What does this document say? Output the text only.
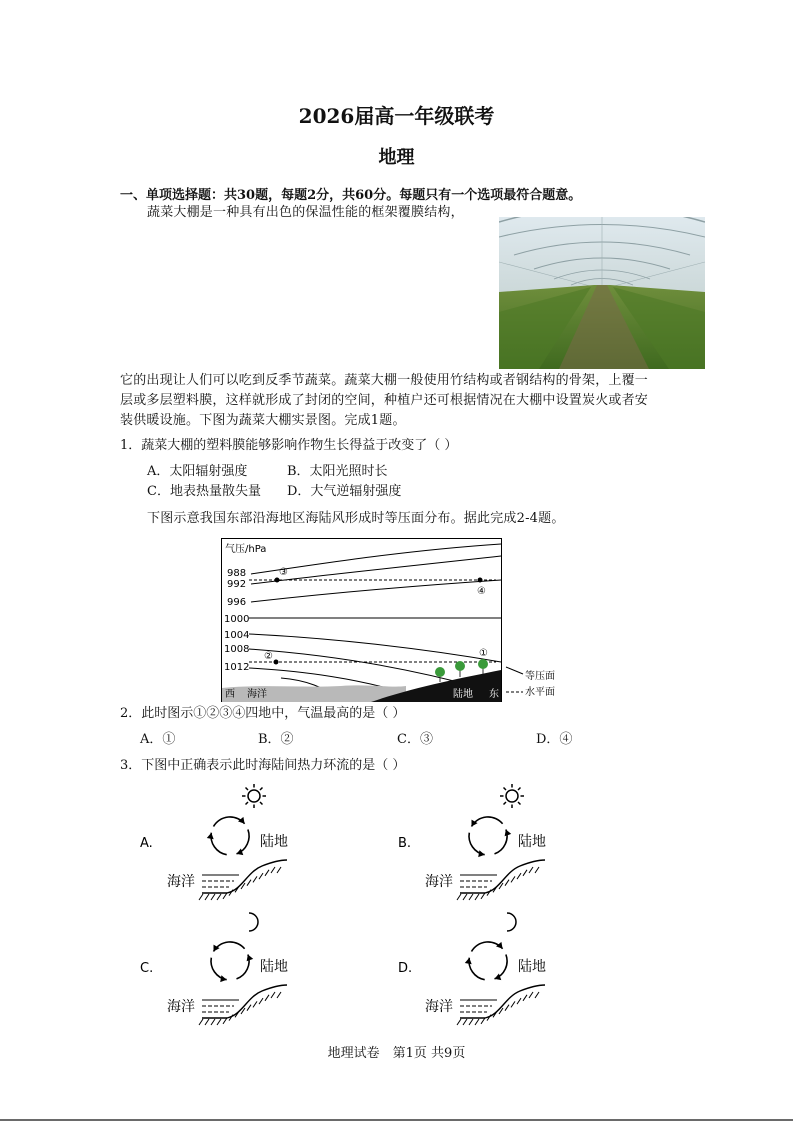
2026届高一年级联考
地理
一、单项选择题：共30题，每题2分，共60分。每题只有一个选项最符合题意。
蔬菜大棚是一种具有出色的保温性能的框架覆膜结构，
它的出现让人们可以吃到反季节蔬菜。蔬菜大棚一般使用竹结构或者钢结构的骨架，上覆一
层或多层塑料膜，这样就形成了封闭的空间，种植户还可根据情况在大棚中设置炭火或者安
装供暖设施。下图为蔬菜大棚实景图。完成1题。
1．蔬菜大棚的塑料膜能够影响作物生长得益于改变了（ ）
A．太阳辐射强度	B．太阳光照时长
C．地表热量散失量 D．大气逆辐射强度
下图示意我国东部沿海地区海陆风形成时等压面分布。据此完成2-4题。
气压/hPa
988
992
996
1000
1004
1008
1012
③
④
②	①
西 海洋	陆地 东
等压面
水平面
2．此时图示①②③④四地中，气温最高的是（ ）
A．①	B．②	C．③	D．④
3．下图中正确表示此时海陆间热力环流的是（ ）
A.	陆地
海洋
B.	陆地
海洋
C.	陆地
海洋
D.	陆地
海洋
地理试卷　第1页 共9页
